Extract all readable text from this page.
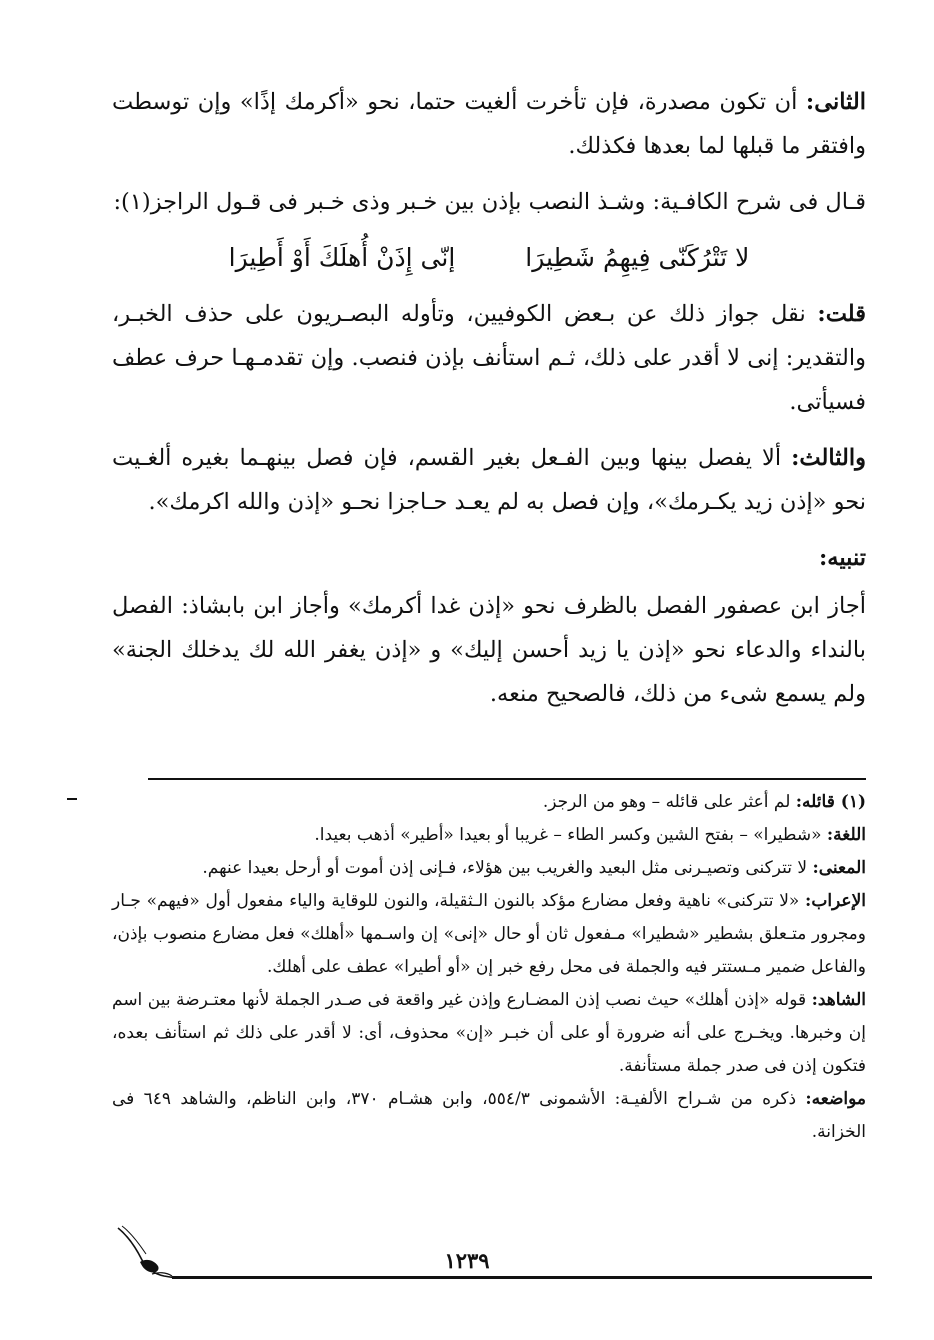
الثانى: أن تكون مصدرة، فإن تأخرت ألغيت حتما، نحو «أكرمك إذًا» وإن توسطت وافتقر ما قبلها لما بعدها فكذلك.

قـال فى شرح الكافـية: وشـذ النصب بإذن بين خـبر وذى خـبر فى قـول الراجز(١):

لا تَتْرُكَنّى فِيهِمُ شَطِيرَا
إنّى إِذَنْ أُهلَكَ أَوْ أَطِيرَا

قلت: نقل جواز ذلك عن بـعض الكوفيين، وتأوله البصـريون على حذف الخبـر، والتقدير: إنى لا أقدر على ذلك، ثـم استأنف بإذن فنصب. وإن تقدمـهـا حرف عطف فسيأتى.

والثالث: ألا يفصل بينها وبين الفـعل بغير القسم، فإن فصل بينهـما بغيره ألغـيت نحو «إذن زيد يكـرمك»، وإن فصل به لم يعـد حـاجزا نحـو «إذن والله اكرمك».

تنبيه:

أجاز ابن عصفور الفصل بالظرف نحو «إذن غدا أكرمك» وأجاز ابن بابشاذ: الفصل بالنداء والدعاء نحو «إذن يا زيد أحسن إليك» و «إذن يغفر الله لك يدخلك الجنة» ولم يسمع شىء من ذلك، فالصحيح منعه.

(١) قائله: لم أعثر على قائله – وهو من الرجز.

اللغة: «شطيرا» – بفتح الشين وكسر الطاء – غريبا أو بعيدا «أطير» أذهب بعيدا.

المعنى: لا تتركنى وتصيـرنى مثل البعيد والغريب بين هؤلاء، فـإنى إذن أموت أو أرحل بعيدا عنهم.

الإعراب: «لا تتركنى» ناهية وفعل مضارع مؤكد بالنون الـثقيلة، والنون للوقاية والياء مفعول أول «فيهم» جـار ومجرور متـعلق بشطير «شطيرا» مـفعول ثان أو حال «إنى» إن واسـمها «أهلك» فعل مضارع منصوب بإذن، والفاعل ضمير مـستتر فيه والجملة فى محل رفع خبر إن «أو أطيرا» عطف على أهلك.

الشاهد: قوله «إذن أهلك» حيث نصب إذن المضـارع وإذن غير واقعة فى صـدر الجملة لأنها معتـرضة بين اسم إن وخبرها. ويخـرج على أنه ضرورة أو على أن خبـر «إن» محذوف، أى: لا أقدر على ذلك ثم استأنف بعده، فتكون إذن فى صدر جملة مستأنفة.

مواضعه: ذكره من شـراح الألفيـة: الأشمونى ٥٥٤/٣، وابن هشـام ٣٧٠، وابن الناظم، والشاهد ٦٤٩ فى الخزانة.

١٢٣٩
